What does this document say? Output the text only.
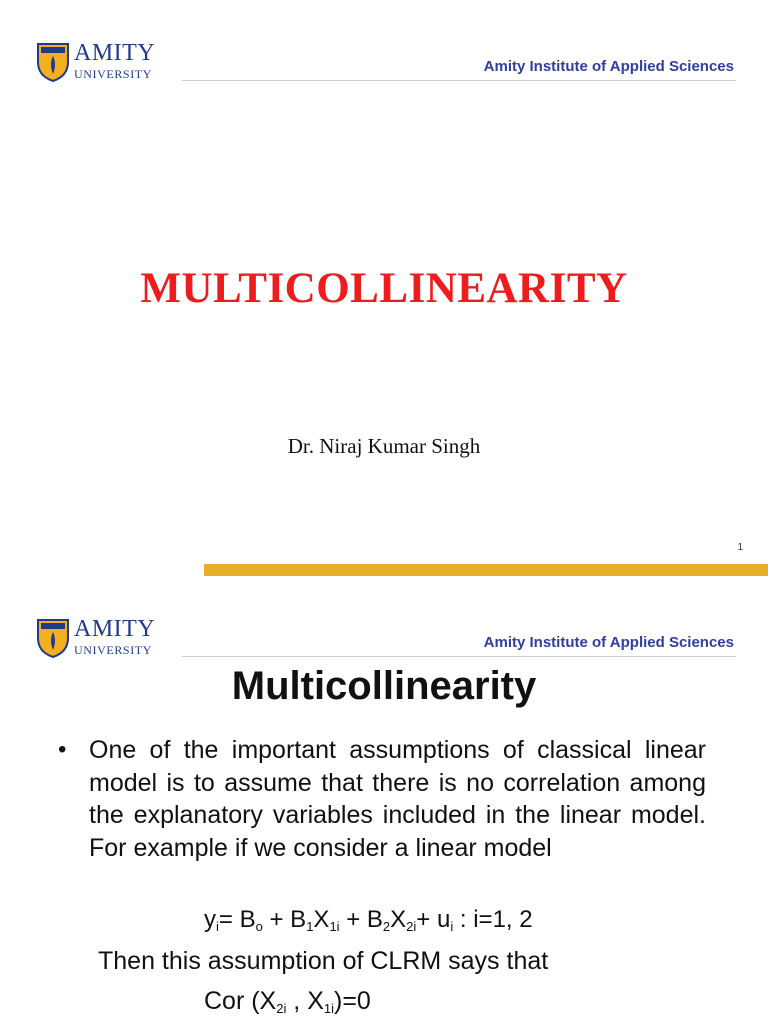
AMITY
UNIVERSITY	Amity Institute of Applied Sciences
MULTICOLLINEARITY
Dr. Niraj Kumar Singh
1
AMITY
UNIVERSITY	Amity Institute of Applied Sciences
Multicollinearity
• One of the important assumptions of classical linear model is to assume that there is no correlation among the explanatory variables included in the linear model. For example if we consider a linear model
$y_i= B_o + B_1X_{1i} + B_2X_{2i}+ u_i$ : i=1, 2
Then this assumption of CLRM says that
Cor ($X_{2i}$ , $X_{1i})=0$
